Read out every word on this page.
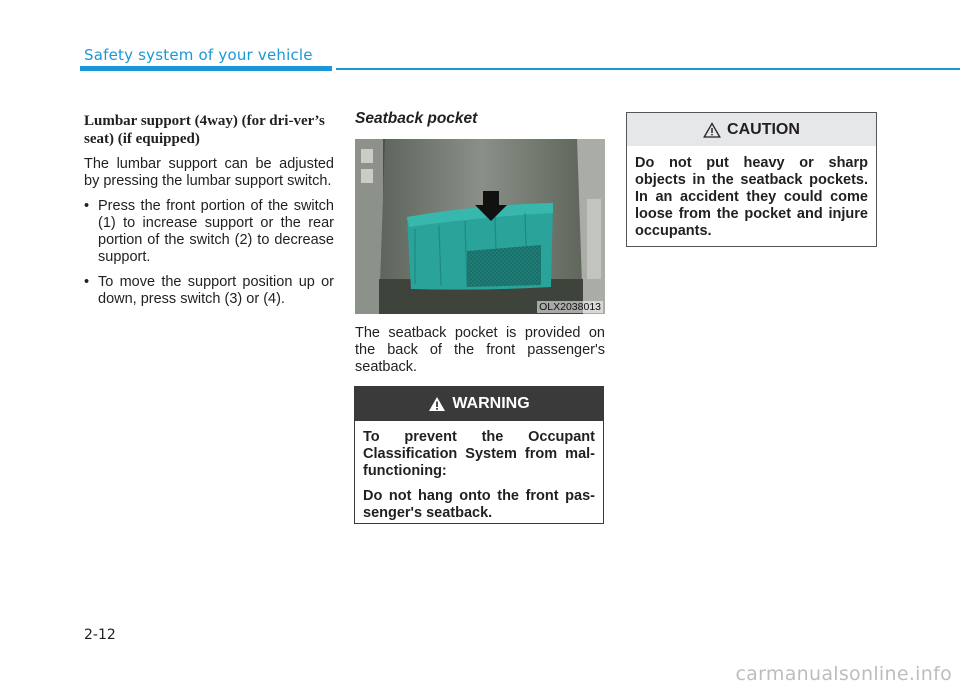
Safety system of your vehicle

Lumbar support (4way) (for dri-ver’s seat) (if equipped)

The lumbar support can be adjusted by pressing the lumbar support switch.

• Press the front portion of the switch (1) to increase support or the rear portion of the switch (2) to decrease support.
• To move the support position up or down, press switch (3) or (4).

Seatback pocket

OLX2038013

The seatback pocket is provided on the back of the front passenger's seatback.

WARNING

To prevent the Occupant Classification System from mal-functioning:

Do not hang onto the front pas-senger's seatback.

CAUTION
Do not put heavy or sharp objects in the seatback pockets. In an accident they could come loose from the pocket and injure occupants.
2-12
carmanualsonline.info
